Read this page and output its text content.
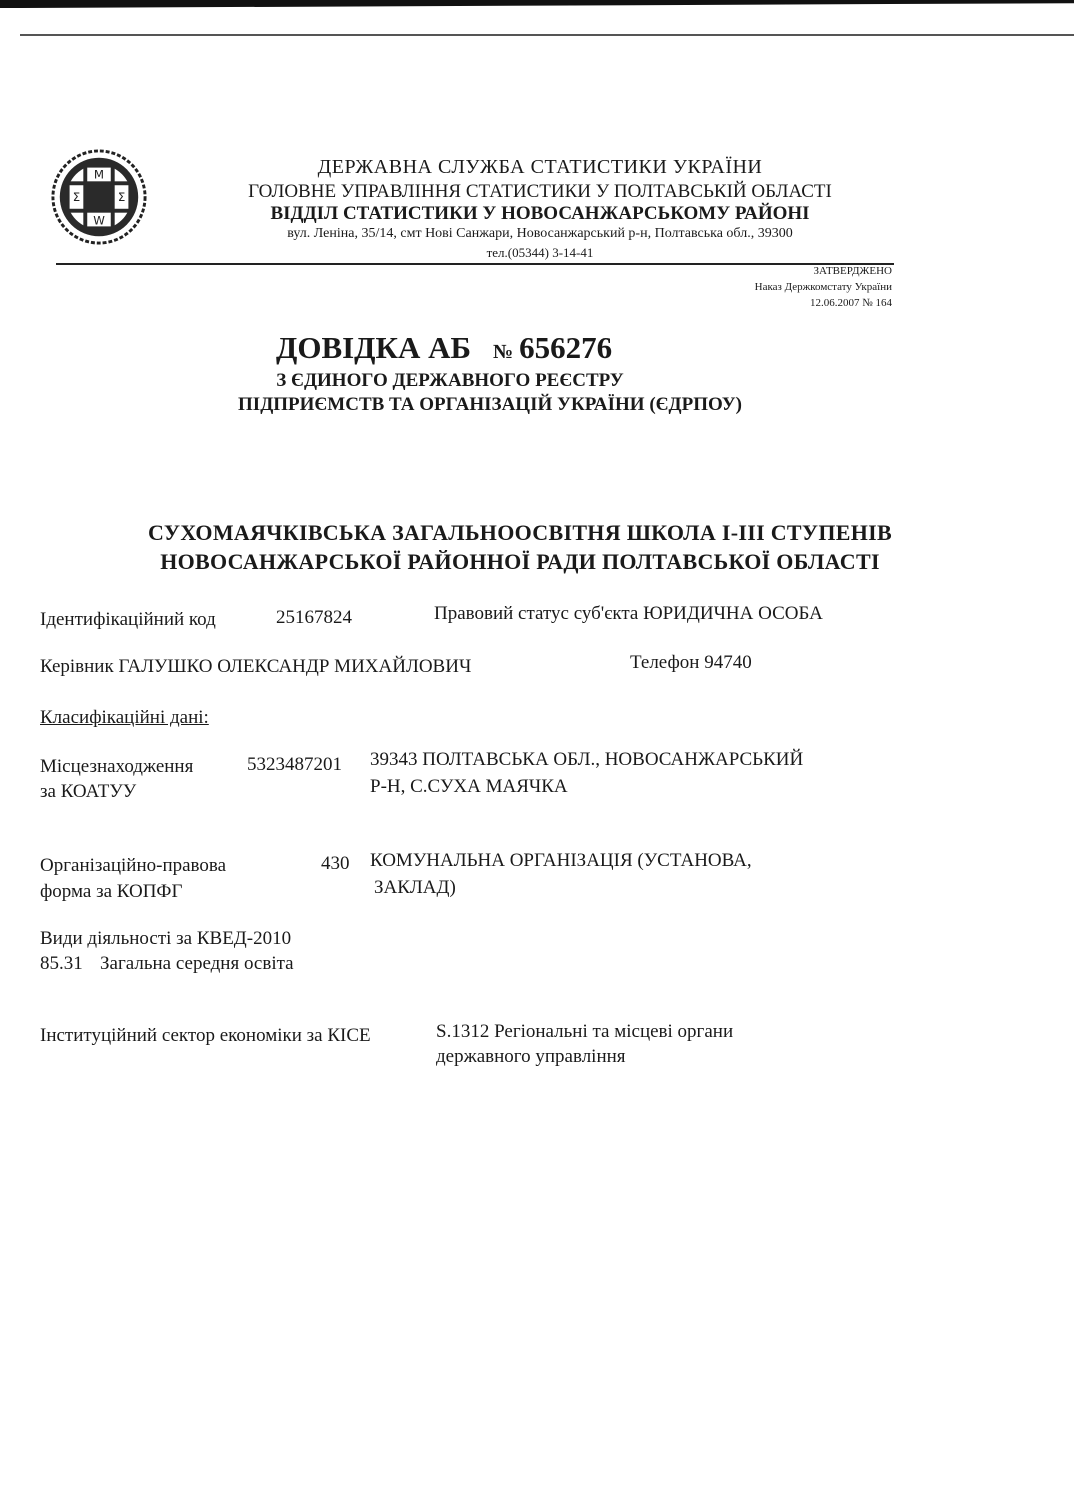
M
W
Σ	Ʃ
ДЕРЖАВНА СЛУЖБА СТАТИСТИКИ УКРАЇНИ
ГОЛОВНЕ УПРАВЛІННЯ СТАТИСТИКИ У ПОЛТАВСЬКІЙ ОБЛАСТІ
ВІДДІЛ СТАТИСТИКИ У НОВОСАНЖАРСЬКОМУ РАЙОНІ
вул. Леніна, 35/14, смт Нові Санжари, Новосанжарський р-н, Полтавська обл., 39300
тел.(05344) 3-14-41
ЗАТВЕРДЖЕНО
Наказ Держкомстату України
12.06.2007 № 164
ДОВІДКА АБ № 656276
З ЄДИНОГО ДЕРЖАВНОГО РЕЄСТРУ
ПІДПРИЄМСТВ ТА ОРГАНІЗАЦІЙ УКРАЇНИ (ЄДРПОУ)
СУХОМАЯЧКІВСЬКА ЗАГАЛЬНООСВІТНЯ ШКОЛА І-ІІІ СТУПЕНІВ
НОВОСАНЖАРСЬКОЇ РАЙОННОЇ РАДИ ПОЛТАВСЬКОЇ ОБЛАСТІ
Ідентифікаційний код	25167824	Правовий статус суб'єкта ЮРИДИЧНА ОСОБА
Керівник ГАЛУШКО ОЛЕКСАНДР МИХАЙЛОВИЧ	Телефон 94740
Класифікаційні дані:
Місцезнаходження
за КОАТУУ
5323487201 39343 ПОЛТАВСЬКА ОБЛ., НОВОСАНЖАРСЬКИЙ
Р-Н, С.СУХА МАЯЧКА
Організаційно-правова
форма за КОПФГ
430 КОМУНАЛЬНА ОРГАНІЗАЦІЯ (УСТАНОВА,
ЗАКЛАД)
Види діяльності за КВЕД-2010
85.31 Загальна середня освіта
Інституційний сектор економіки за КІСЕ	S.1312 Регіональні та місцеві органи
державного управління
